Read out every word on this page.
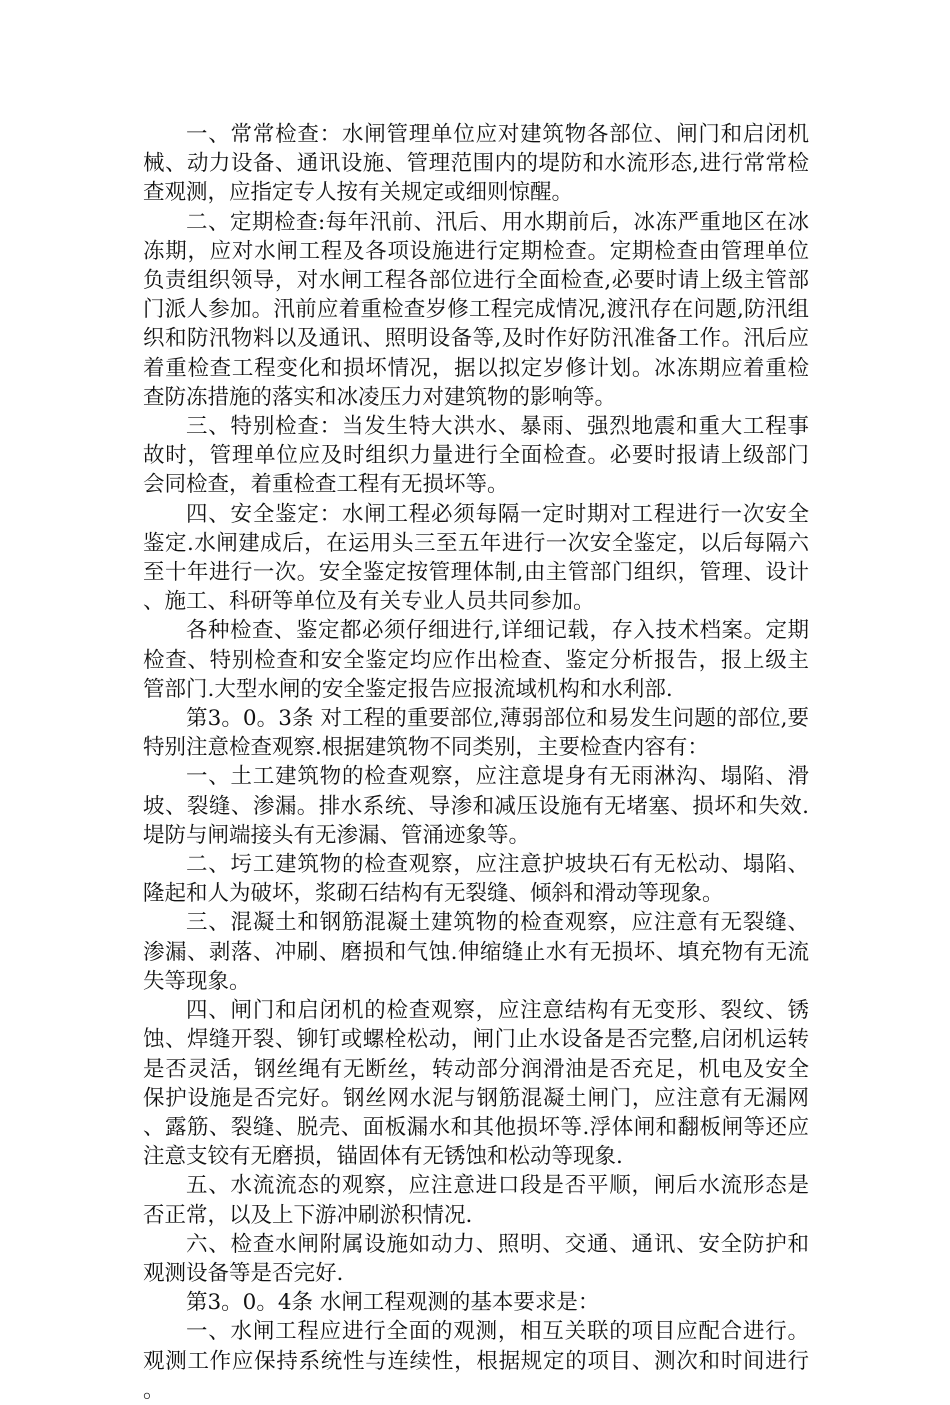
一、常常检查：水闸管理单位应对建筑物各部位、闸门和启闭机械、动力设备、通讯设施、管理范围内的堤防和水流形态,进行常常检查观测，应指定专人按有关规定或细则惊醒。

二、定期检查:每年汛前、汛后、用水期前后，冰冻严重地区在冰冻期，应对水闸工程及各项设施进行定期检查。定期检查由管理单位负责组织领导，对水闸工程各部位进行全面检查,必要时请上级主管部门派人参加。汛前应着重检查岁修工程完成情况,渡汛存在问题,防汛组织和防汛物料以及通讯、照明设备等,及时作好防汛准备工作。汛后应着重检查工程变化和损坏情况，据以拟定岁修计划。冰冻期应着重检查防冻措施的落实和冰凌压力对建筑物的影响等。

三、特别检查：当发生特大洪水、暴雨、强烈地震和重大工程事故时，管理单位应及时组织力量进行全面检查。必要时报请上级部门会同检查，着重检查工程有无损坏等。

四、安全鉴定：水闸工程必须每隔一定时期对工程进行一次安全鉴定.水闸建成后，在运用头三至五年进行一次安全鉴定，以后每隔六至十年进行一次。安全鉴定按管理体制,由主管部门组织，管理、设计、施工、科研等单位及有关专业人员共同参加。

各种检查、鉴定都必须仔细进行,详细记载，存入技术档案。定期检查、特别检查和安全鉴定均应作出检查、鉴定分析报告，报上级主管部门.大型水闸的安全鉴定报告应报流域机构和水利部.

第3。0。3条 对工程的重要部位,薄弱部位和易发生问题的部位,要特别注意检查观察.根据建筑物不同类别，主要检查内容有：

一、土工建筑物的检查观察，应注意堤身有无雨淋沟、塌陷、滑坡、裂缝、渗漏。排水系统、导渗和减压设施有无堵塞、损坏和失效.堤防与闸端接头有无渗漏、管涌迹象等。

二、圬工建筑物的检查观察，应注意护坡块石有无松动、塌陷、隆起和人为破坏，浆砌石结构有无裂缝、倾斜和滑动等现象。

三、混凝土和钢筋混凝土建筑物的检查观察，应注意有无裂缝、渗漏、剥落、冲刷、磨损和气蚀.伸缩缝止水有无损坏、填充物有无流失等现象。

四、闸门和启闭机的检查观察，应注意结构有无变形、裂纹、锈蚀、焊缝开裂、铆钉或螺栓松动，闸门止水设备是否完整,启闭机运转是否灵活，钢丝绳有无断丝，转动部分润滑油是否充足，机电及安全保护设施是否完好。钢丝网水泥与钢筋混凝土闸门，应注意有无漏网、露筋、裂缝、脱壳、面板漏水和其他损坏等.浮体闸和翻板闸等还应注意支铰有无磨损，锚固体有无锈蚀和松动等现象.

五、水流流态的观察，应注意进口段是否平顺，闸后水流形态是否正常，以及上下游冲刷淤积情况.

六、检查水闸附属设施如动力、照明、交通、通讯、安全防护和观测设备等是否完好.

第3。0。4条 水闸工程观测的基本要求是：

一、水闸工程应进行全面的观测，相互关联的项目应配合进行。观测工作应保持系统性与连续性，根据规定的项目、测次和时间进行。
